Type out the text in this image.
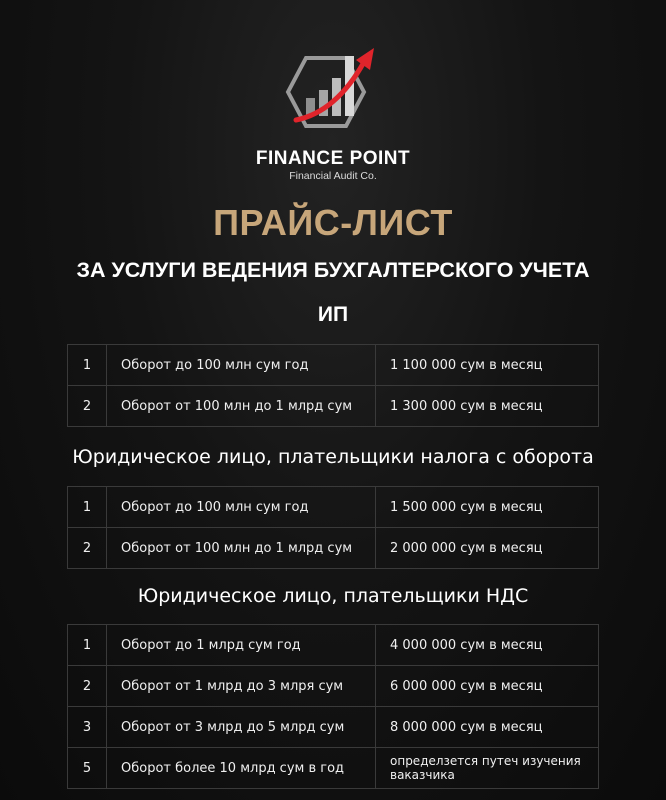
FINANCE POINT
Financial Audit Co.
ПРАЙС-ЛИСТ
ЗА УСЛУГИ ВЕДЕНИЯ БУХГАЛТЕРСКОГО УЧЕТА
ИП
1	Оборот до 100 млн сум год	1 100 000 сум в месяц
2	Оборот от 100 млн до 1 млрд сум	1 300 000 сум в месяц
Юридическое лицо, плательщики налога с оборота
1	Оборот до 100 млн сум год	1 500 000 сум в месяц
2	Оборот от 100 млн до 1 млрд сум	2 000 000 сум в месяц
Юридическое лицо, плательщики НДС
1	Оборот до 1 млрд сум год	4 000 000 сум в месяц
2	Оборот от 1 млрд до 3 млря сум	6 000 000 сум в месяц
3	Оборот от 3 млрд до 5 млрд сум	8 000 000 сум в месяц
5	Оборот более 10 млрд сум в год	определзется путеч изучения ваказчика
